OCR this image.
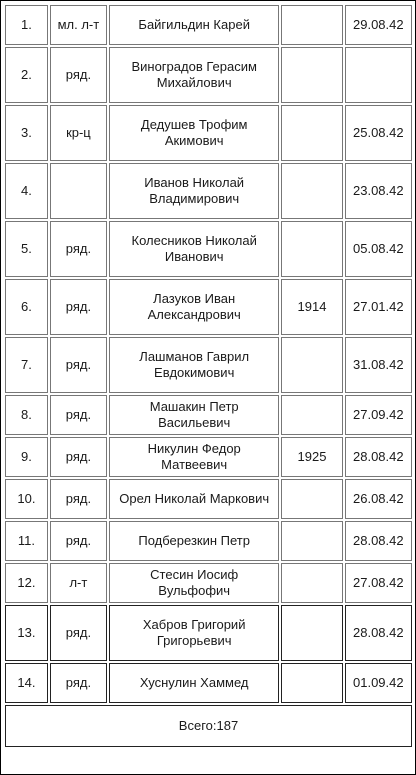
1.	мл. л-т	Байгильдин Карей		29.08.42
2.	ряд.	Виноградов Герасим Михайлович		
3.	кр-ц	Дедушев Трофим Акимович		25.08.42
4.		Иванов Николай Владимирович		23.08.42
5.	ряд.	Колесников Николай Иванович		05.08.42
6.	ряд.	Лазуков Иван Александрович	1914	27.01.42
7.	ряд.	Лашманов Гаврил Евдокимович		31.08.42
8.	ряд.	Машакин Петр Васильевич		27.09.42
9.	ряд.	Никулин Федор Матвеевич	1925	28.08.42
10.	ряд.	Орел Николай Маркович		26.08.42
11.	ряд.	Подберезкин Петр		28.08.42
12.	л-т	Стесин Иосиф Вульфофич		27.08.42
13.	ряд.	Хабров Григорий Григорьевич		28.08.42
14.	ряд.	Хуснулин Хаммед		01.09.42
Всего:187				
